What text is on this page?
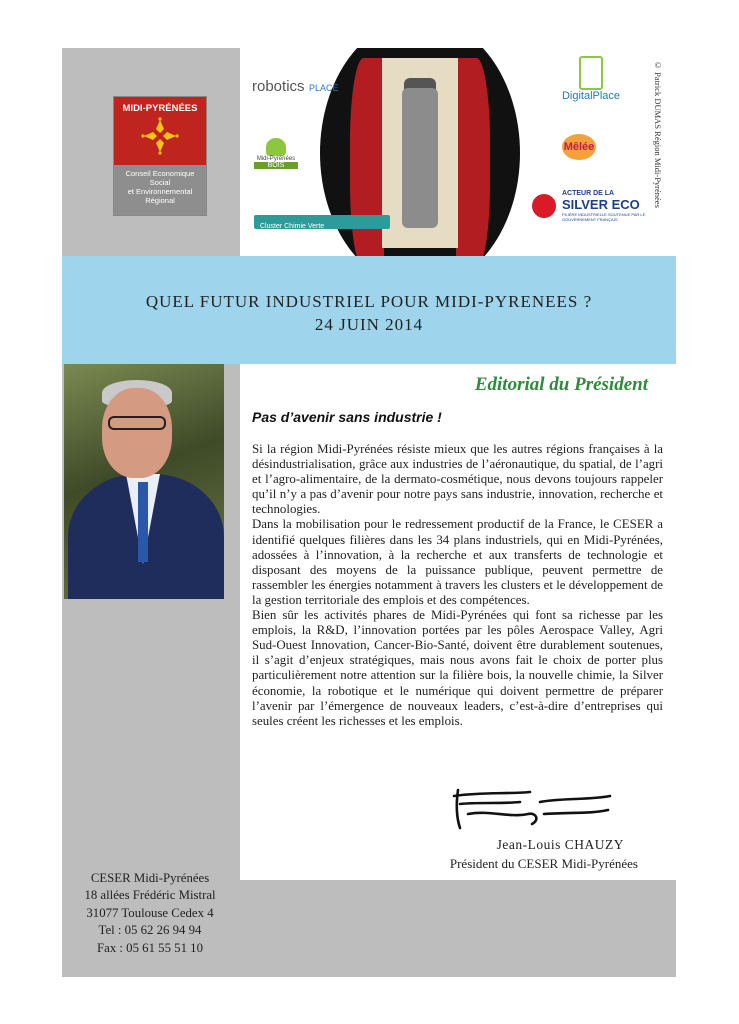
robotics PLACE
Midi-Pyrénées
BOIS
Cluster Chimie Verte
DigitalPlace
Mêlée
ACTEUR DE LA
SILVER ECO
FILIÈRE INDUSTRIELLE SOUTENUE PAR LE GOUVERNEMENT FRANÇAIS
© Patrick DUMAS Région Midi-Pyrénées
MIDI-PYRÉNÉES
Conseil Economique
Social
et Environnemental
Régional
QUEL FUTUR INDUSTRIEL POUR MIDI-PYRENEES ?
24 JUIN 2014
Editorial du Président
Pas d’avenir sans industrie !

Si la région Midi-Pyrénées résiste mieux que les autres régions françaises à la désindustrialisation, grâce aux industries de l’aéronautique, du spatial, de l’agri et l’agro-alimentaire, de la dermato-cosmétique, nous devons toujours rappeler qu’il n’y a pas d’avenir pour notre pays sans industrie, innovation, recherche et technologies.

Dans la mobilisation pour le redressement productif de la France, le CESER a identifié quelques filières dans les 34 plans industriels, qui en Midi-Pyrénées, adossées à l’innovation, à la recherche et aux transferts de technologie et disposant des moyens de la puissance publique, peuvent permettre de rassembler les énergies notamment à travers les clusters et le développement de la gestion territoriale des emplois et des compétences.

Bien sûr les activités phares de Midi-Pyrénées qui font sa richesse par les emplois, la R&D, l’innovation portées par les pôles Aerospace Valley, Agri Sud-Ouest Innovation, Cancer-Bio-Santé, doivent être durablement soutenues, il s’agit d’enjeux stratégiques, mais nous avons fait le choix de porter plus particulièrement notre attention sur la filière bois, la nouvelle chimie, la Silver économie, la robotique et le numérique qui doivent permettre de préparer l’avenir par l’émergence de nouveaux leaders, c’est-à-dire d’entreprises qui seules créent les richesses et les emplois.

Jean-Louis CHAUZY
Président du CESER Midi-Pyrénées
CESER Midi-Pyrénées
18 allées Frédéric Mistral
31077 Toulouse Cedex 4
Tel : 05 62 26 94 94
Fax : 05 61 55 51 10
